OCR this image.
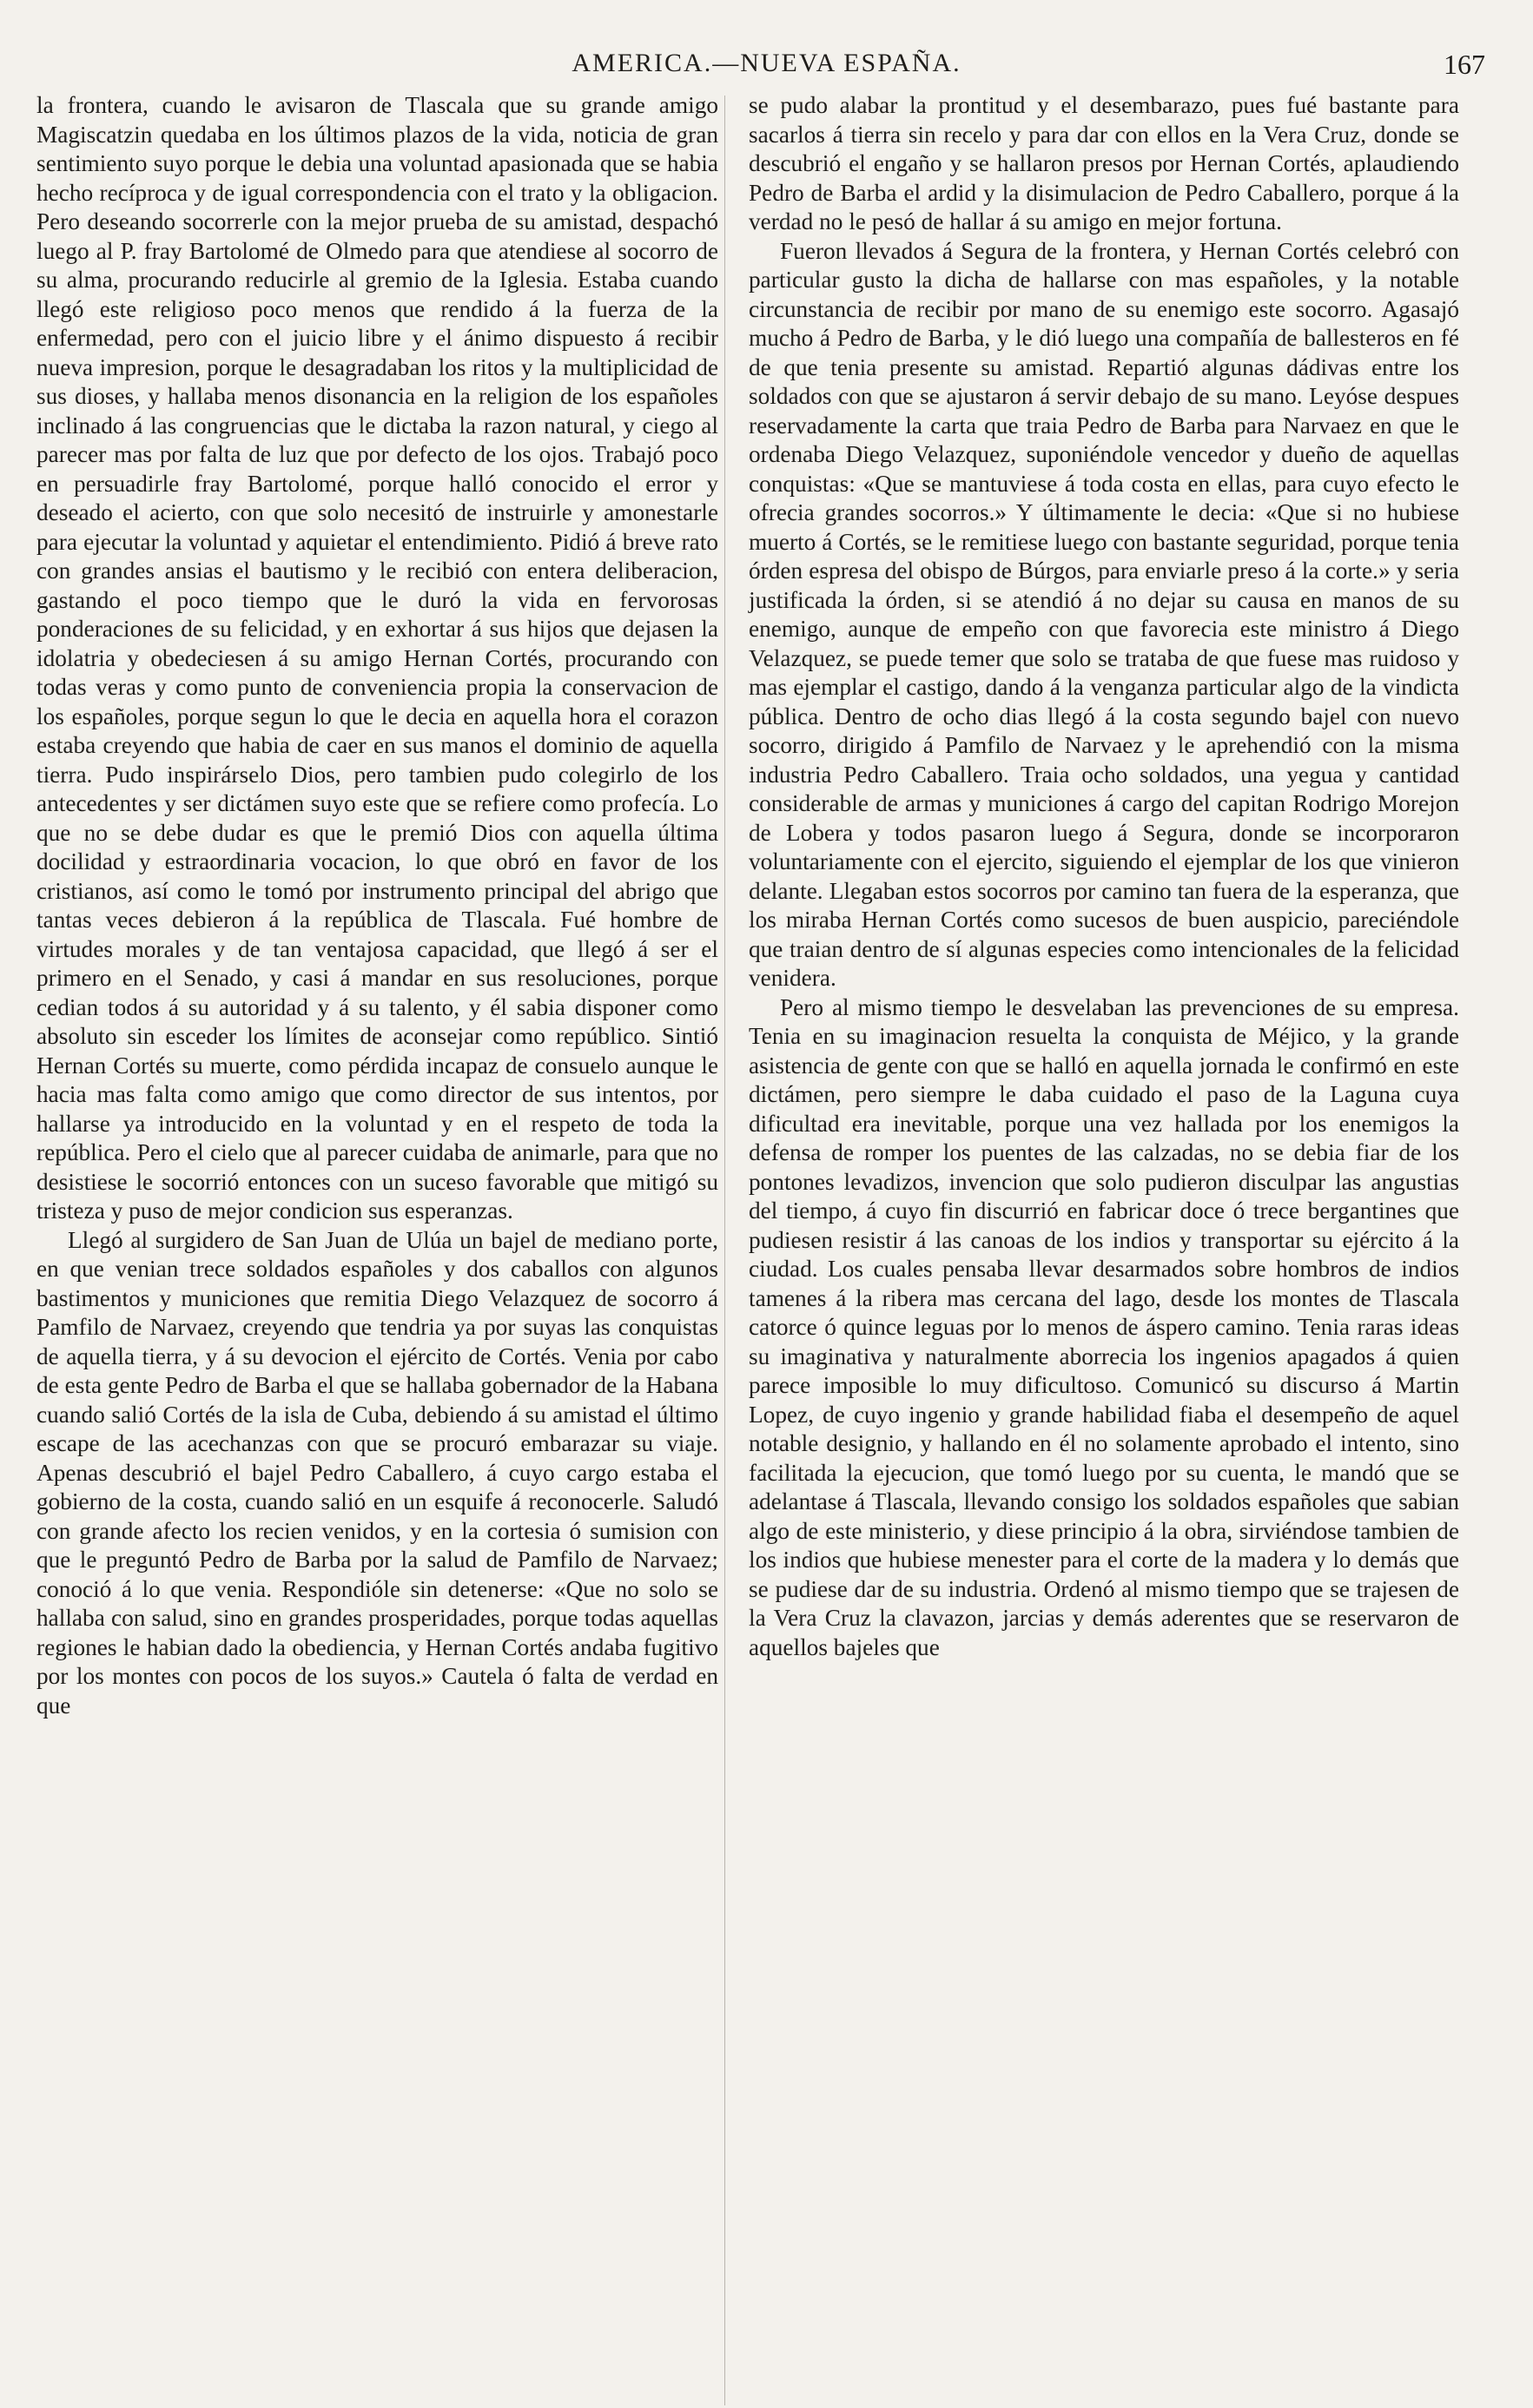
AMERICA.—NUEVA ESPAÑA.	167

la frontera, cuando le avisaron de Tlascala que su grande amigo Magiscatzin quedaba en los últimos plazos de la vida, noticia de gran sentimiento suyo porque le debia una voluntad apasionada que se habia hecho recíproca y de igual correspondencia con el trato y la obligacion. Pero deseando socorrerle con la mejor prueba de su amistad, despachó luego al P. fray Bartolomé de Olmedo para que atendiese al socorro de su alma, procurando reducirle al gremio de la Iglesia. Estaba cuando llegó este religioso poco menos que rendido á la fuerza de la enfermedad, pero con el juicio libre y el ánimo dispuesto á recibir nueva impresion, porque le desagradaban los ritos y la multiplicidad de sus dioses, y hallaba menos disonancia en la religion de los españoles inclinado á las congruencias que le dictaba la razon natural, y ciego al parecer mas por falta de luz que por defecto de los ojos. Trabajó poco en persuadirle fray Bartolomé, porque halló conocido el error y deseado el acierto, con que solo necesitó de instruirle y amonestarle para ejecutar la voluntad y aquietar el entendimiento. Pidió á breve rato con grandes ansias el bautismo y le recibió con entera deliberacion, gastando el poco tiempo que le duró la vida en fervorosas ponderaciones de su felicidad, y en exhortar á sus hijos que dejasen la idolatria y obedeciesen á su amigo Hernan Cortés, procurando con todas veras y como punto de conveniencia propia la conservacion de los españoles, porque segun lo que le decia en aquella hora el corazon estaba creyendo que habia de caer en sus manos el dominio de aquella tierra. Pudo inspirárselo Dios, pero tambien pudo colegirlo de los antecedentes y ser dictámen suyo este que se refiere como profecía. Lo que no se debe dudar es que le premió Dios con aquella última docilidad y estraordinaria vocacion, lo que obró en favor de los cristianos, así como le tomó por instrumento principal del abrigo que tantas veces debieron á la república de Tlascala. Fué hombre de virtudes morales y de tan ventajosa capacidad, que llegó á ser el primero en el Senado, y casi á mandar en sus resoluciones, porque cedian todos á su autoridad y á su talento, y él sabia disponer como absoluto sin esceder los límites de aconsejar como repúblico. Sintió Hernan Cortés su muerte, como pérdida incapaz de consuelo aunque le hacia mas falta como amigo que como director de sus intentos, por hallarse ya introducido en la voluntad y en el respeto de toda la república. Pero el cielo que al parecer cuidaba de animarle, para que no desistiese le socorrió entonces con un suceso favorable que mitigó su tristeza y puso de mejor condicion sus esperanzas.

Llegó al surgidero de San Juan de Ulúa un bajel de mediano porte, en que venian trece soldados españoles y dos caballos con algunos bastimentos y municiones que remitia Diego Velazquez de socorro á Pamfilo de Narvaez, creyendo que tendria ya por suyas las conquistas de aquella tierra, y á su devocion el ejército de Cortés. Venia por cabo de esta gente Pedro de Barba el que se hallaba gobernador de la Habana cuando salió Cortés de la isla de Cuba, debiendo á su amistad el último escape de las acechanzas con que se procuró embarazar su viaje. Apenas descubrió el bajel Pedro Caballero, á cuyo cargo estaba el gobierno de la costa, cuando salió en un esquife á reconocerle. Saludó con grande afecto los recien venidos, y en la cortesia ó sumision con que le preguntó Pedro de Barba por la salud de Pamfilo de Narvaez; conoció á lo que venia. Respondióle sin detenerse: «Que no solo se hallaba con salud, sino en grandes prosperidades, porque todas aquellas regiones le habian dado la obediencia, y Hernan Cortés andaba fugitivo por los montes con pocos de los suyos.» Cautela ó falta de verdad en que

se pudo alabar la prontitud y el desembarazo, pues fué bastante para sacarlos á tierra sin recelo y para dar con ellos en la Vera Cruz, donde se descubrió el engaño y se hallaron presos por Hernan Cortés, aplaudiendo Pedro de Barba el ardid y la disimulacion de Pedro Caballero, porque á la verdad no le pesó de hallar á su amigo en mejor fortuna.

Fueron llevados á Segura de la frontera, y Hernan Cortés celebró con particular gusto la dicha de hallarse con mas españoles, y la notable circunstancia de recibir por mano de su enemigo este socorro. Agasajó mucho á Pedro de Barba, y le dió luego una compañía de ballesteros en fé de que tenia presente su amistad. Repartió algunas dádivas entre los soldados con que se ajustaron á servir debajo de su mano. Leyóse despues reservadamente la carta que traia Pedro de Barba para Narvaez en que le ordenaba Diego Velazquez, suponiéndole vencedor y dueño de aquellas conquistas: «Que se mantuviese á toda costa en ellas, para cuyo efecto le ofrecia grandes socorros.» Y últimamente le decia: «Que si no hubiese muerto á Cortés, se le remitiese luego con bastante seguridad, porque tenia órden espresa del obispo de Búrgos, para enviarle preso á la corte.» y seria justificada la órden, si se atendió á no dejar su causa en manos de su enemigo, aunque de empeño con que favorecia este ministro á Diego Velazquez, se puede temer que solo se trataba de que fuese mas ruidoso y mas ejemplar el castigo, dando á la venganza particular algo de la vindicta pública. Dentro de ocho dias llegó á la costa segundo bajel con nuevo socorro, dirigido á Pamfilo de Narvaez y le aprehendió con la misma industria Pedro Caballero. Traia ocho soldados, una yegua y cantidad considerable de armas y municiones á cargo del capitan Rodrigo Morejon de Lobera y todos pasaron luego á Segura, donde se incorporaron voluntariamente con el ejercito, siguiendo el ejemplar de los que vinieron delante. Llegaban estos socorros por camino tan fuera de la esperanza, que los miraba Hernan Cortés como sucesos de buen auspicio, pareciéndole que traian dentro de sí algunas especies como intencionales de la felicidad venidera.

Pero al mismo tiempo le desvelaban las prevenciones de su empresa. Tenia en su imaginacion resuelta la conquista de Méjico, y la grande asistencia de gente con que se halló en aquella jornada le confirmó en este dictámen, pero siempre le daba cuidado el paso de la Laguna cuya dificultad era inevitable, porque una vez hallada por los enemigos la defensa de romper los puentes de las calzadas, no se debia fiar de los pontones levadizos, invencion que solo pudieron disculpar las angustias del tiempo, á cuyo fin discurrió en fabricar doce ó trece bergantines que pudiesen resistir á las canoas de los indios y transportar su ejército á la ciudad. Los cuales pensaba llevar desarmados sobre hombros de indios tamenes á la ribera mas cercana del lago, desde los montes de Tlascala catorce ó quince leguas por lo menos de áspero camino. Tenia raras ideas su imaginativa y naturalmente aborrecia los ingenios apagados á quien parece imposible lo muy dificultoso. Comunicó su discurso á Martin Lopez, de cuyo ingenio y grande habilidad fiaba el desempeño de aquel notable designio, y hallando en él no solamente aprobado el intento, sino facilitada la ejecucion, que tomó luego por su cuenta, le mandó que se adelantase á Tlascala, llevando consigo los soldados españoles que sabian algo de este ministerio, y diese principio á la obra, sirviéndose tambien de los indios que hubiese menester para el corte de la madera y lo demás que se pudiese dar de su industria. Ordenó al mismo tiempo que se trajesen de la Vera Cruz la clavazon, jarcias y demás aderentes que se reservaron de aquellos bajeles que
